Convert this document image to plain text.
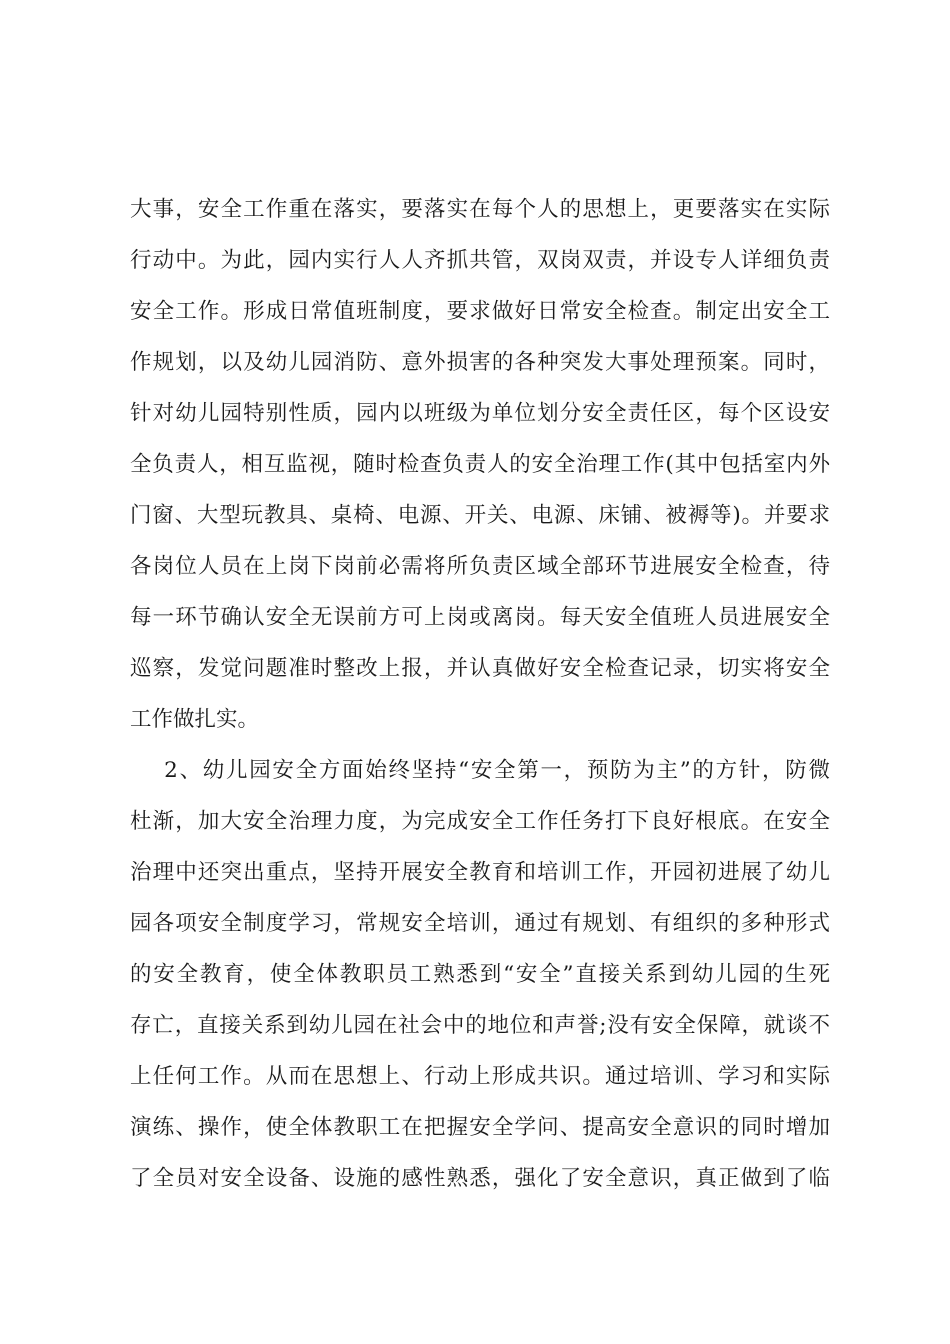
大事，安全工作重在落实，要落实在每个人的思想上，更要落实在实际
行动中。为此，园内实行人人齐抓共管，双岗双责，并设专人详细负责
安全工作。形成日常值班制度，要求做好日常安全检查。制定出安全工
作规划，以及幼儿园消防、意外损害的各种突发大事处理预案。同时，
针对幼儿园特别性质，园内以班级为单位划分安全责任区，每个区设安
全负责人，相互监视，随时检查负责人的安全治理工作(其中包括室内外
门窗、大型玩教具、桌椅、电源、开关、电源、床铺、被褥等)。并要求
各岗位人员在上岗下岗前必需将所负责区域全部环节进展安全检查，待
每一环节确认安全无误前方可上岗或离岗。每天安全值班人员进展安全
巡察，发觉问题准时整改上报，并认真做好安全检查记录，切实将安全
工作做扎实。
2、幼儿园安全方面始终坚持“安全第一，预防为主”的方针，防微
杜渐，加大安全治理力度，为完成安全工作任务打下良好根底。在安全
治理中还突出重点，坚持开展安全教育和培训工作，开园初进展了幼儿
园各项安全制度学习，常规安全培训，通过有规划、有组织的多种形式
的安全教育，使全体教职员工熟悉到“安全”直接关系到幼儿园的生死
存亡，直接关系到幼儿园在社会中的地位和声誉;没有安全保障，就谈不
上任何工作。从而在思想上、行动上形成共识。通过培训、学习和实际
演练、操作，使全体教职工在把握安全学问、提高安全意识的同时增加
了全员对安全设备、设施的感性熟悉，强化了安全意识，真正做到了临
